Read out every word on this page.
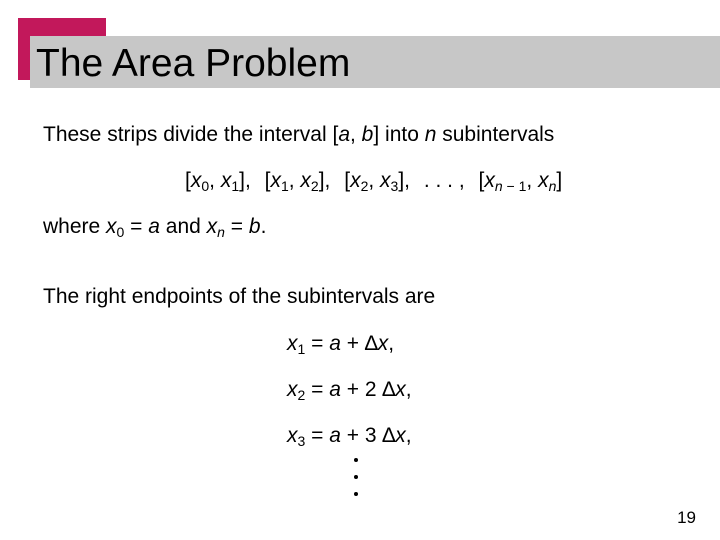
The Area Problem

These strips divide the interval [a, b] into n subintervals

[$x_0$, $x_1$], [$x_1$, $x_2$], [$x_2$, $x_3$], . . . , [$x_{n - 1}$, $x_n$]

where $x_0 = a$ and $x_n = b$.

The right endpoints of the subintervals are

$x_1 = a + \Delta x$,
$x_2 = a + 2$ ∆x,
$x_3 = a + 3$ ∆x,
19
